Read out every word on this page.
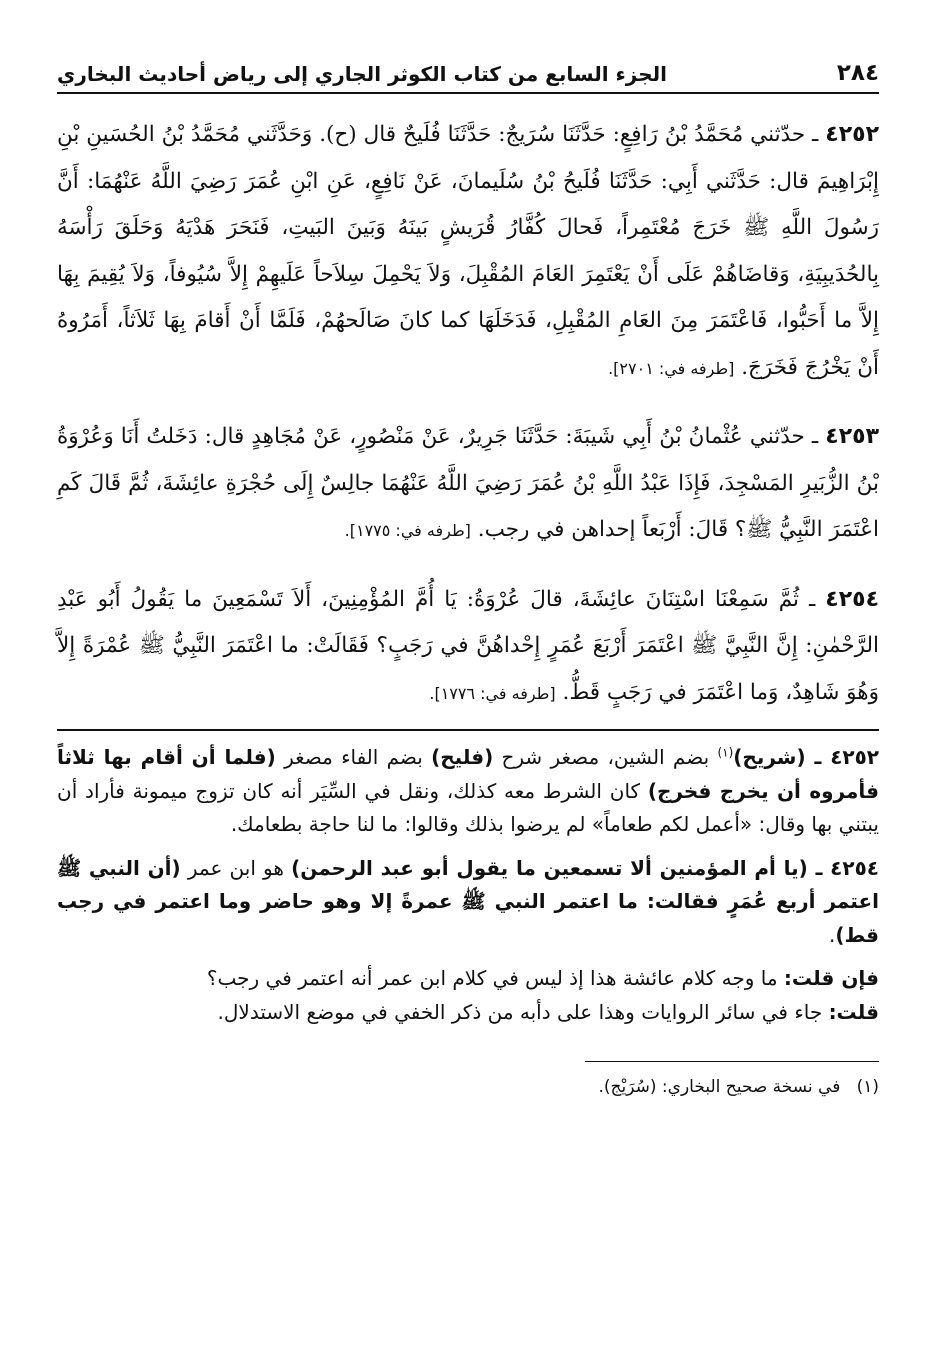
٢٨٤
الجزء السابع من كتاب الكوثر الجاري إلى رياض أحاديث البخاري

٤٢٥٢ ـ حدّثني مُحَمَّدُ بْنُ رَافِعٍ: حَدَّثَنَا سُرَيجٌ: حَدَّثَنَا فُلَيحٌ قال (ح). وَحَدَّثَني مُحَمَّدُ بْنُ الحُسَينِ بْنِ إِبْرَاهِيمَ قال: حَدَّثَني أَبِي: حَدَّثَنَا فُلَيحُ بْنُ سُلَيمانَ، عَنْ نَافِعٍ، عَنِ ابْنِ عُمَرَ رَضِيَ اللَّهُ عَنْهُمَا: أَنَّ رَسُولَ اللَّهِ ﷺ خَرَجَ مُعْتَمِراً، فَحالَ كُفَّارُ قُرَيشٍ بَينَهُ وَبَينَ البَيتِ، فَنَحَرَ هَدْيَهُ وَحَلَقَ رَأْسَهُ بِالحُدَيبِيَةِ، وَقاضَاهُمْ عَلَى أَنْ يَعْتَمِرَ العَامَ المُقْبِلَ، وَلاَ يَحْمِلَ سِلاَحاً عَلَيهِمْ إِلاَّ سُيُوفاً، وَلاَ يُقِيمَ بِهَا إِلاَّ ما أَحَبُّوا، فَاعْتَمَرَ مِنَ العَامِ المُقْبِلِ، فَدَخَلَهَا كما كانَ صَالَحهُمْ، فَلَمَّا أَنْ أَقامَ بِهَا ثَلاَثاً، أَمَرُوهُ أَنْ يَخْرُجَ فَخَرَجَ. [طرفه في: ٢٧٠١].

٤٢٥٣ ـ حدّثني عُثْمانُ بْنُ أَبِي شَيبَةَ: حَدَّثَنَا جَرِيرٌ، عَنْ مَنْصُورٍ، عَنْ مُجَاهِدٍ قال: دَخَلتُ أَنَا وَعُرْوَةُ بْنُ الزُّبَيرِ المَسْجِدَ، فَإِذَا عَبْدُ اللَّهِ بْنُ عُمَرَ رَضِيَ اللَّهُ عَنْهُمَا جالِسٌ إِلَى حُجْرَةِ عائِشَةَ، ثُمَّ قَالَ كَمِ اعْتَمَرَ النَّبِيُّ ﷺ؟ قَالَ: أَرْبَعاً إحداهن في رجب. [طرفه في: ١٧٧٥].

٤٢٥٤ ـ ثُمَّ سَمِعْنَا اسْتِنَانَ عائِشَةَ، قالَ عُرْوَةُ: يَا أُمَّ المُؤْمِنِينَ، أَلاَ تَسْمَعِينَ ما يَقُولُ أَبُو عَبْدِ الرَّحْمٰنِ: إِنَّ النَّبِيَّ ﷺ اعْتَمَرَ أَرْبَعَ عُمَرٍ إِحْداهُنَّ في رَجَبٍ؟ فَقَالَتْ: ما اعْتَمَرَ النَّبِيُّ ﷺ عُمْرَةً إِلاَّ وَهُوَ شَاهِدٌ، وَما اعْتَمَرَ في رَجَبٍ قَطُّ. [طرفه في: ١٧٧٦].

٤٢٥٢ ـ (شريح)$^{(١)}$ بضم الشين، مصغر شرح (فليح) بضم الفاء مصغر (فلما أن أقام بها ثلاثاً فأمروه أن يخرج فخرج) كان الشرط معه كذلك، ونقل في السِّيَر أنه كان تزوج ميمونة فأراد أن يبتني بها وقال: «أعمل لكم طعاماً» لم يرضوا بذلك وقالوا: ما لنا حاجة بطعامك.

٤٢٥٤ ـ (يا أم المؤمنين ألا تسمعين ما يقول أبو عبد الرحمن) هو ابن عمر (أن النبي ﷺ اعتمر أربع عُمَرٍ فقالت: ما اعتمر النبي ﷺ عمرةً إلا وهو حاضر وما اعتمر في رجب قط).

فإن قلت: ما وجه كلام عائشة هذا إذ ليس في كلام ابن عمر أنه اعتمر في رجب؟
قلت: جاء في سائر الروايات وهذا على دأبه من ذكر الخفي في موضع الاستدلال.

(١)   في نسخة صحيح البخاري: (سُرَيْج).
